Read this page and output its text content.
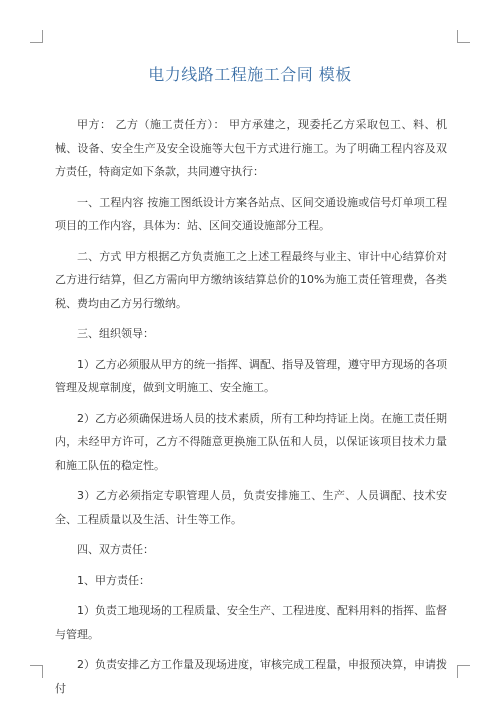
电力线路工程施工合同 模板

甲方： 乙方（施工责任方）： 甲方承建之，现委托乙方采取包工、料、机械、设备、安全生产及安全设施等大包干方式进行施工。为了明确工程内容及双方责任，特商定如下条款，共同遵守执行：

一、工程内容 按施工图纸设计方案各站点、区间交通设施或信号灯单项工程项目的工作内容，具体为：站、区间交通设施部分工程。

二、方式 甲方根据乙方负责施工之上述工程最终与业主、审计中心结算价对乙方进行结算，但乙方需向甲方缴纳该结算总价的10%为施工责任管理费，各类税、费均由乙方另行缴纳。

三、组织领导：

1）乙方必须服从甲方的统一指挥、调配、指导及管理，遵守甲方现场的各项管理及规章制度，做到文明施工、安全施工。

2）乙方必须确保进场人员的技术素质，所有工种均持证上岗。在施工责任期内，未经甲方许可，乙方不得随意更换施工队伍和人员，以保证该项目技术力量和施工队伍的稳定性。

3）乙方必须指定专职管理人员，负责安排施工、生产、人员调配、技术安全、工程质量以及生活、计生等工作。

四、双方责任：

1、甲方责任：

1）负责工地现场的工程质量、安全生产、工程进度、配料用料的指挥、监督与管理。

2）负责安排乙方工作量及现场进度，审核完成工程量，申报预决算，申请拨付
